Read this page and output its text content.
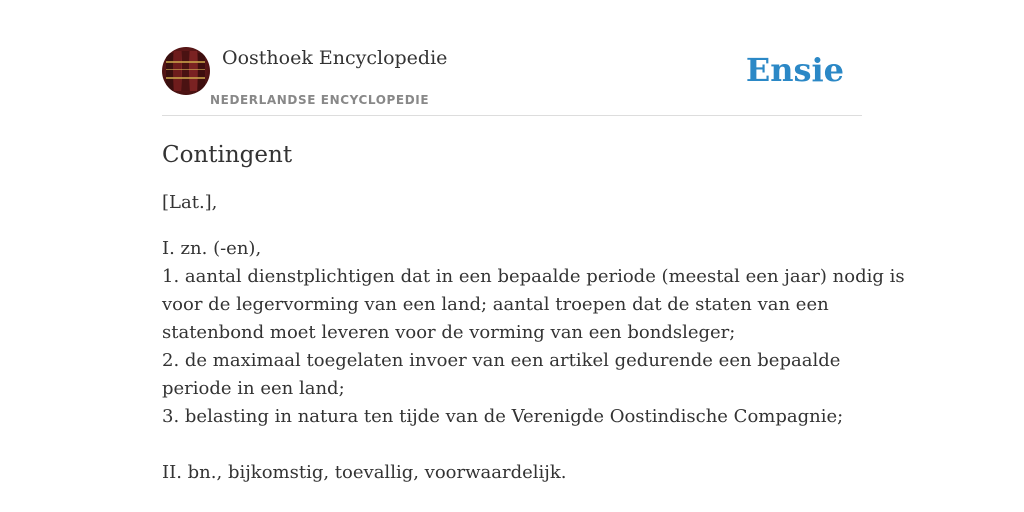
Oosthoek Encyclopedie
NEDERLANDSE ENCYCLOPEDIE
Ensie
Contingent

[Lat.],

I. zn. (-en),
1. aantal dienstplichtigen dat in een bepaalde periode (meestal een jaar) nodig is
voor de legervorming van een land; aantal troepen dat de staten van een
statenbond moet leveren voor de vorming van een bondsleger;
2. de maximaal toegelaten invoer van een artikel gedurende een bepaalde
periode in een land;
3. belasting in natura ten tijde van de Verenigde Oostindische Compagnie;
II. bn., bijkomstig, toevallig, voorwaardelijk.
